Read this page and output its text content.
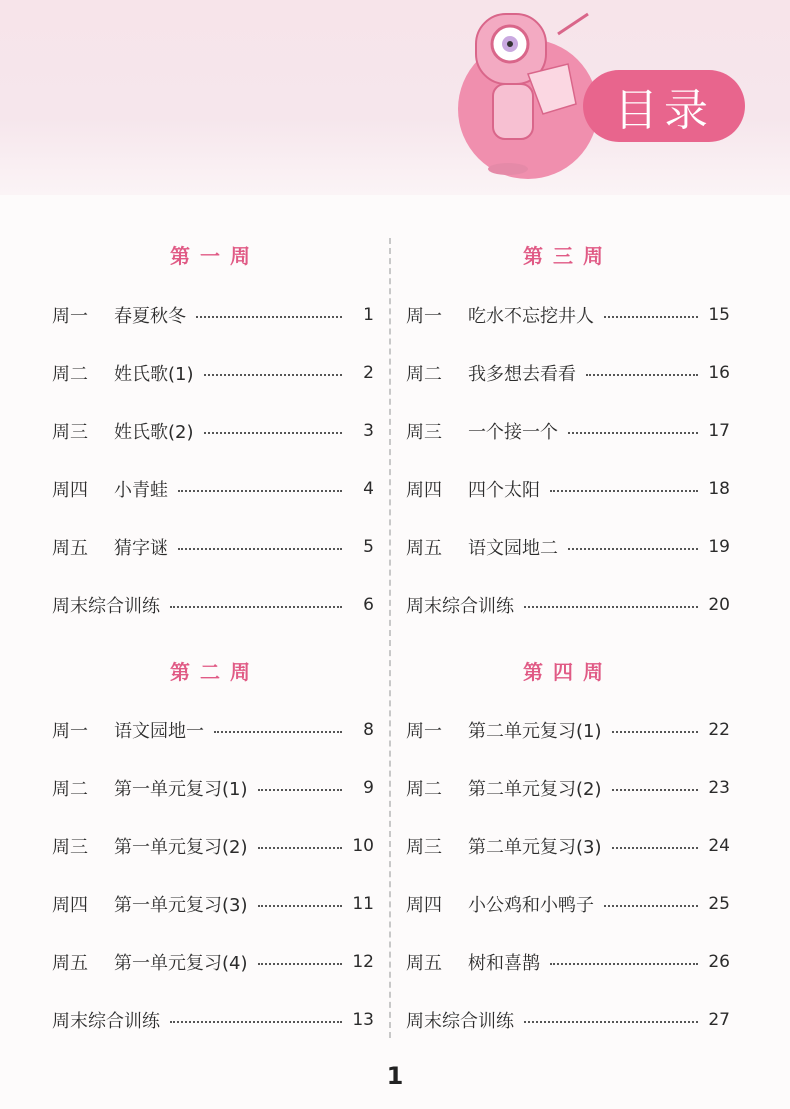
目录
第一周
周一	春夏秋冬	1
周二	姓氏歌(1)	2
周三	姓氏歌(2)	3
周四	小青蛙	4
周五	猜字谜	5
周末综合训练	6
第二周
周一	语文园地一	8
周二	第一单元复习(1)	9
周三	第一单元复习(2)	10
周四	第一单元复习(3)	11
周五	第一单元复习(4)	12
周末综合训练	13
第三周
周一	吃水不忘挖井人	15
周二	我多想去看看	16
周三	一个接一个	17
周四	四个太阳	18
周五	语文园地二	19
周末综合训练	20
第四周
周一	第二单元复习(1)	22
周二	第二单元复习(2)	23
周三	第二单元复习(3)	24
周四	小公鸡和小鸭子	25
周五	树和喜鹊	26
周末综合训练	27
1
